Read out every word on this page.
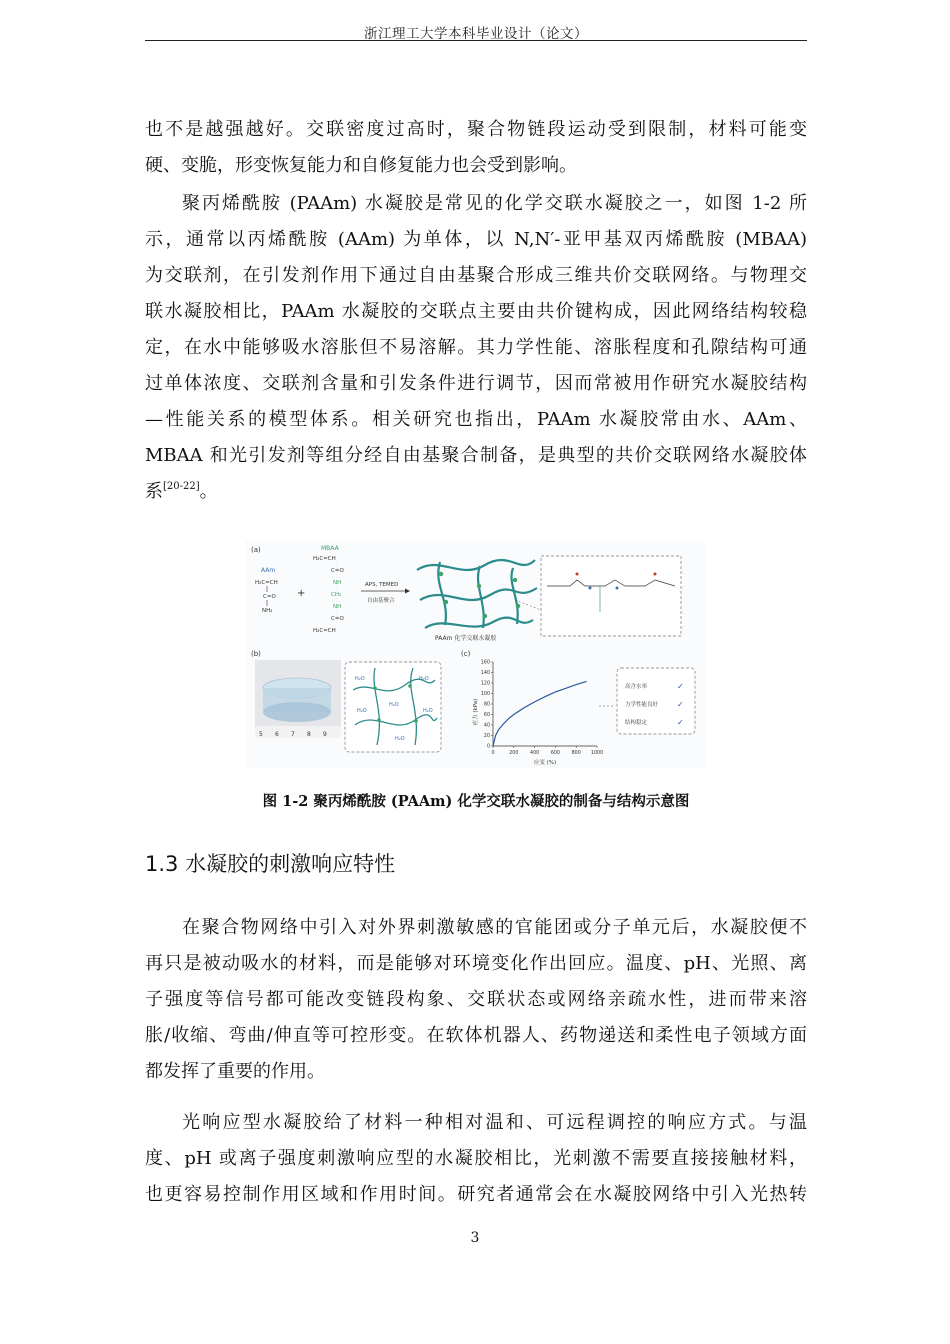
浙江理工大学本科毕业设计（论文）
也不是越强越好。交联密度过高时，聚合物链段运动受到限制，材料可能变
硬、变脆，形变恢复能力和自修复能力也会受到影响。
聚丙烯酰胺 (PAAm) 水凝胶是常见的化学交联水凝胶之一，如图 1-2 所
示，通常以丙烯酰胺 (AAm) 为单体，以 N,N′-亚甲基双丙烯酰胺 (MBAA)
为交联剂，在引发剂作用下通过自由基聚合形成三维共价交联网络。与物理交
联水凝胶相比，PAAm 水凝胶的交联点主要由共价键构成，因此网络结构较稳
定，在水中能够吸水溶胀但不易溶解。其力学性能、溶胀程度和孔隙结构可通
过单体浓度、交联剂含量和引发条件进行调节，因而常被用作研究水凝胶结构
—性能关系的模型体系。相关研究也指出，PAAm 水凝胶常由水、AAm、
MBAA 和光引发剂等组分经自由基聚合制备，是典型的共价交联网络水凝胶体
系[20-22]。
(a)
AAm
H₂C=CH
C=O
NH₂
+
MBAA
H₂C=CH
C=O
NH
CH₂
NH
C=O
H₂C=CH
APS, TEMED
自由基聚合
PAAm 化学交联水凝胶
(b)
5 6 7 8 9
H₂O	H₂O
H₂O
H₂O	H₂O
H₂O
(c)
0	200 400 600 800 1000
0
20
40
60
80
100
120
140
160
应力 (kPa)
应变 (%)
高含水率
力学性能良好
结构稳定
✓
✓
✓
图 1-2 聚丙烯酰胺 (PAAm) 化学交联水凝胶的制备与结构示意图
1.3 水凝胶的刺激响应特性
在聚合物网络中引入对外界刺激敏感的官能团或分子单元后，水凝胶便不
再只是被动吸水的材料，而是能够对环境变化作出回应。温度、pH、光照、离
子强度等信号都可能改变链段构象、交联状态或网络亲疏水性，进而带来溶
胀/收缩、弯曲/伸直等可控形变。在软体机器人、药物递送和柔性电子领域方面
都发挥了重要的作用。
光响应型水凝胶给了材料一种相对温和、可远程调控的响应方式。与温
度、pH 或离子强度刺激响应型的水凝胶相比，光刺激不需要直接接触材料，
也更容易控制作用区域和作用时间。研究者通常会在水凝胶网络中引入光热转
3
